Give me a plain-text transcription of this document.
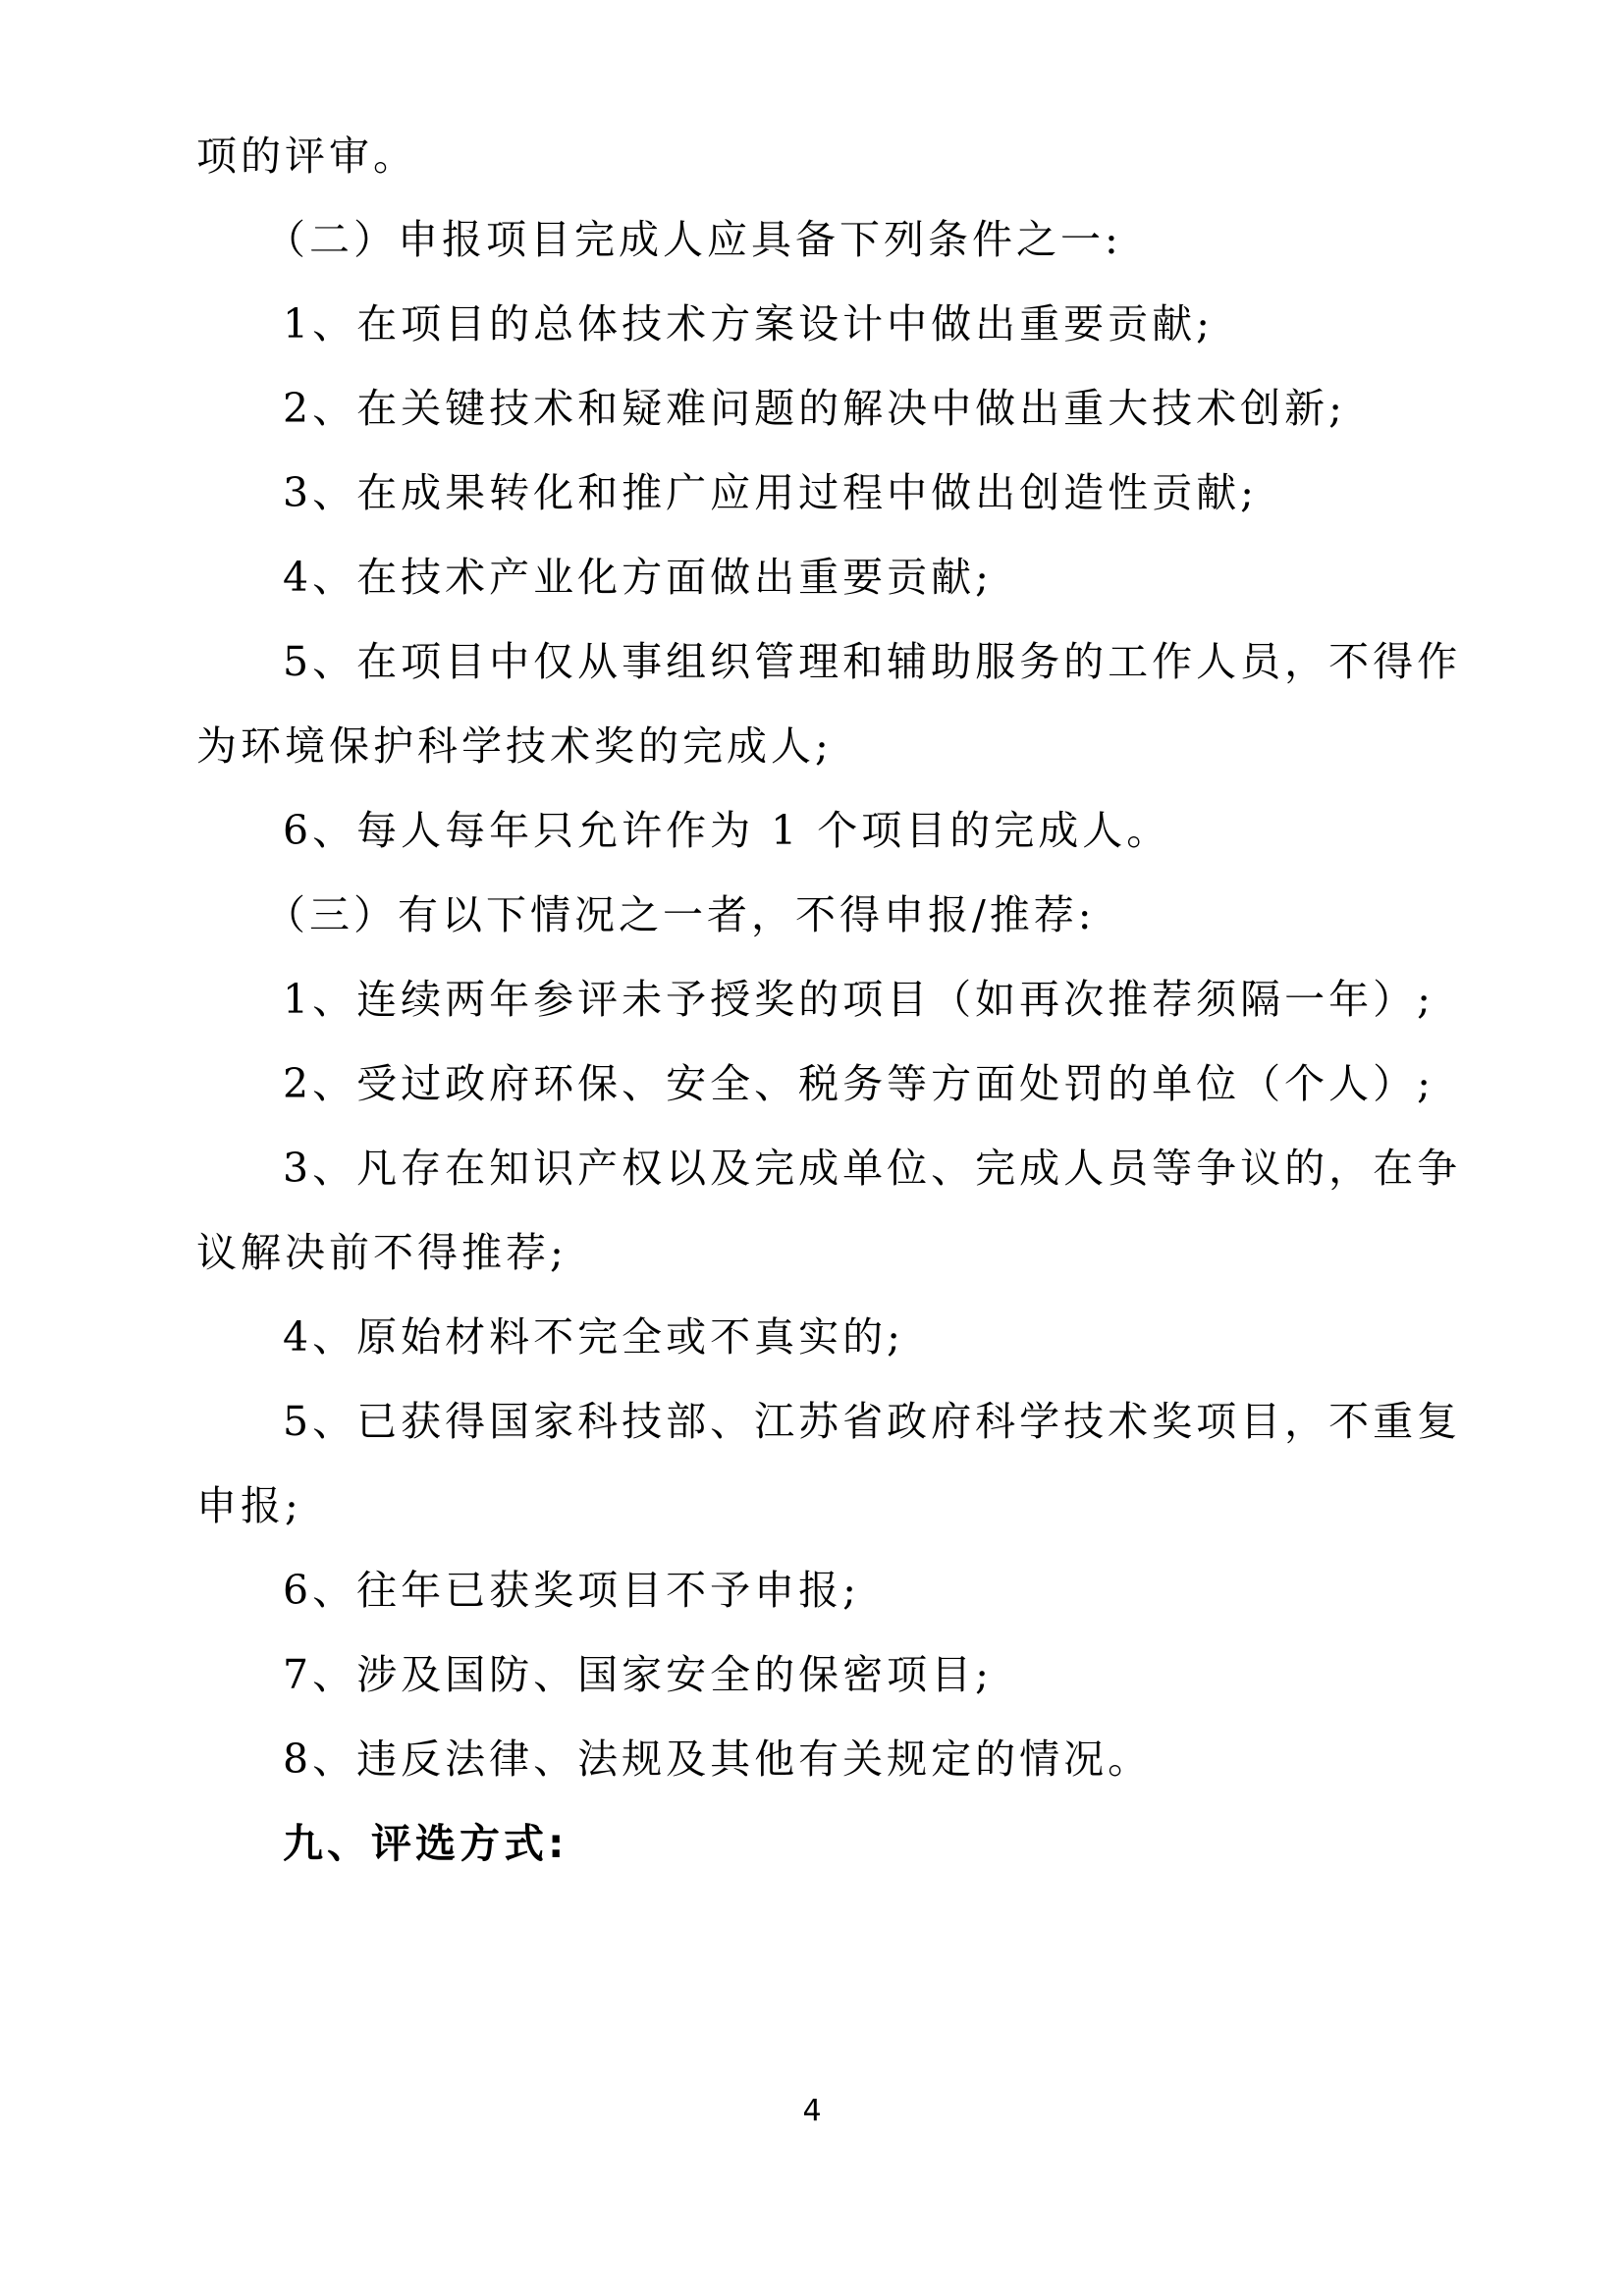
项的评审。
（二）申报项目完成人应具备下列条件之一:
1、在项目的总体技术方案设计中做出重要贡献;
2、在关键技术和疑难问题的解决中做出重大技术创新;
3、在成果转化和推广应用过程中做出创造性贡献;
4、在技术产业化方面做出重要贡献;
5、在项目中仅从事组织管理和辅助服务的工作人员，不得作
为环境保护科学技术奖的完成人;
6、每人每年只允许作为 1 个项目的完成人。
（三）有以下情况之一者，不得申报/推荐:
1、连续两年参评未予授奖的项目（如再次推荐须隔一年）;
2、受过政府环保、安全、税务等方面处罚的单位（个人）;
3、凡存在知识产权以及完成单位、完成人员等争议的，在争
议解决前不得推荐;
4、原始材料不完全或不真实的;
5、已获得国家科技部、江苏省政府科学技术奖项目，不重复
申报;
6、往年已获奖项目不予申报;
7、涉及国防、国家安全的保密项目;
8、违反法律、法规及其他有关规定的情况。
九、评选方式:
4
